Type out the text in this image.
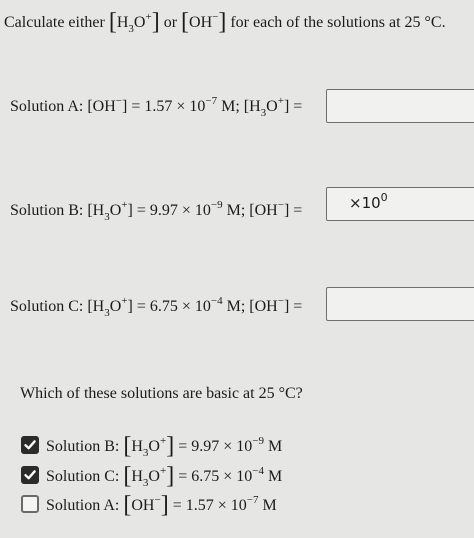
Calculate either $[H_3O^+]$ or [OH−] for each of the solutions at 25 °C.
Solution A: $[OH^-] = 1.57 \times 10^{-7}$ M; $[H_3O^+]$ =
Solution B: $[H_3O^+] = 9.97 \times 10^{-9}$ M; [OH−] =	$\times 10^0$
Solution C: $[H_3O^+] = 6.75 \times 10^{-4}$ M; [OH−] =
Which of these solutions are basic at 25 °C?
Solution B: $[H_3O^+] = 9.97 \times 10^{-9}$ M
Solution C: $[H_3O^+] = 6.75 \times 10^{-4}$ M
Solution A: $[OH^-] = 1.57 \times 10^{-7}$ M
